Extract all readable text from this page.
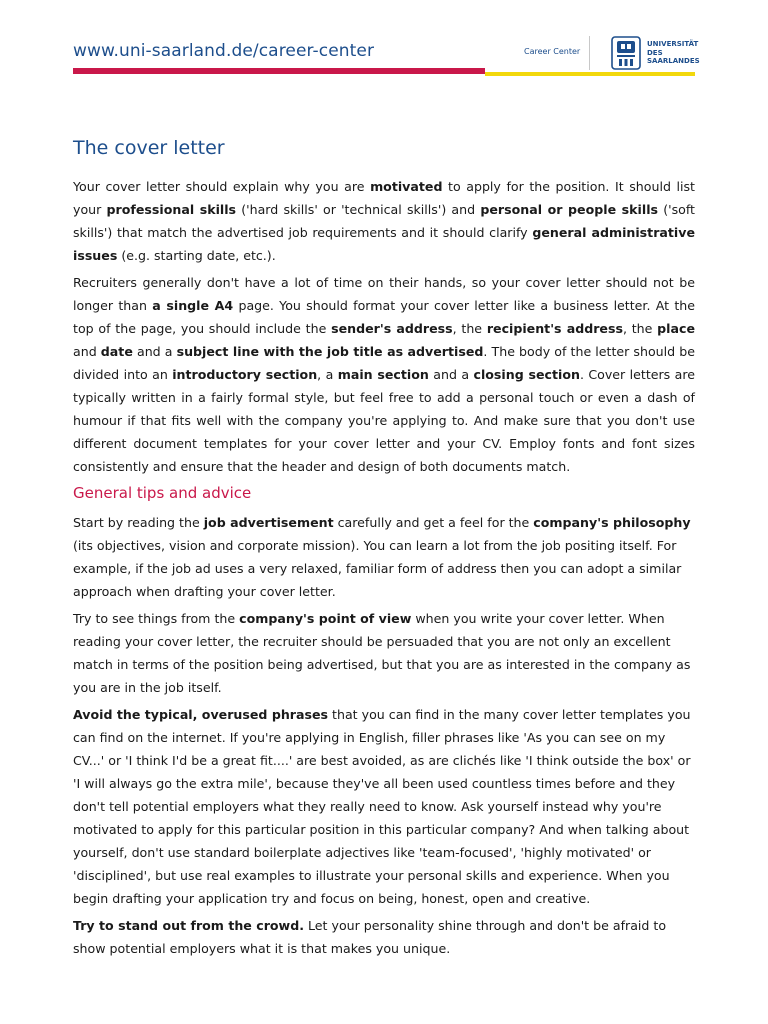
www.uni-saarland.de/career-center	Career Center
UNIVERSITÄT
DES
SAARLANDES
The cover letter

Your cover letter should explain why you are motivated to apply for the position. It should list your professional skills ('hard skills' or 'technical skills') and personal or people skills ('soft skills') that match the advertised job requirements and it should clarify general administrative issues (e.g. starting date, etc.).

Recruiters generally don't have a lot of time on their hands, so your cover letter should not be longer than a single A4 page. You should format your cover letter like a business letter. At the top of the page, you should include the sender's address, the recipient's address, the place and date and a subject line with the job title as advertised. The body of the letter should be divided into an introductory section, a main section and a closing section. Cover letters are typically written in a fairly formal style, but feel free to add a personal touch or even a dash of humour if that fits well with the company you're applying to. And make sure that you don't use different document templates for your cover letter and your CV. Employ fonts and font sizes consistently and ensure that the header and design of both documents match.

General tips and advice

Start by reading the job advertisement carefully and get a feel for the company's philosophy (its objectives, vision and corporate mission). You can learn a lot from the job positing itself. For example, if the job ad uses a very relaxed, familiar form of address then you can adopt a similar approach when drafting your cover letter.

Try to see things from the company's point of view when you write your cover letter. When reading your cover letter, the recruiter should be persuaded that you are not only an excellent match in terms of the position being advertised, but that you are as interested in the company as you are in the job itself.

Avoid the typical, overused phrases that you can find in the many cover letter templates you can find on the internet. If you're applying in English, filler phrases like 'As you can see on my CV...' or 'I think I'd be a great fit....' are best avoided, as are clichés like 'I think outside the box' or 'I will always go the extra mile', because they've all been used countless times before and they don't tell potential employers what they really need to know. Ask yourself instead why you're motivated to apply for this particular position in this particular company? And when talking about yourself, don't use standard boilerplate adjectives like 'team-focused', 'highly motivated' or 'disciplined', but use real examples to illustrate your personal skills and experience. When you begin drafting your application try and focus on being, honest, open and creative.

Try to stand out from the crowd. Let your personality shine through and don't be afraid to show potential employers what it is that makes you unique.
